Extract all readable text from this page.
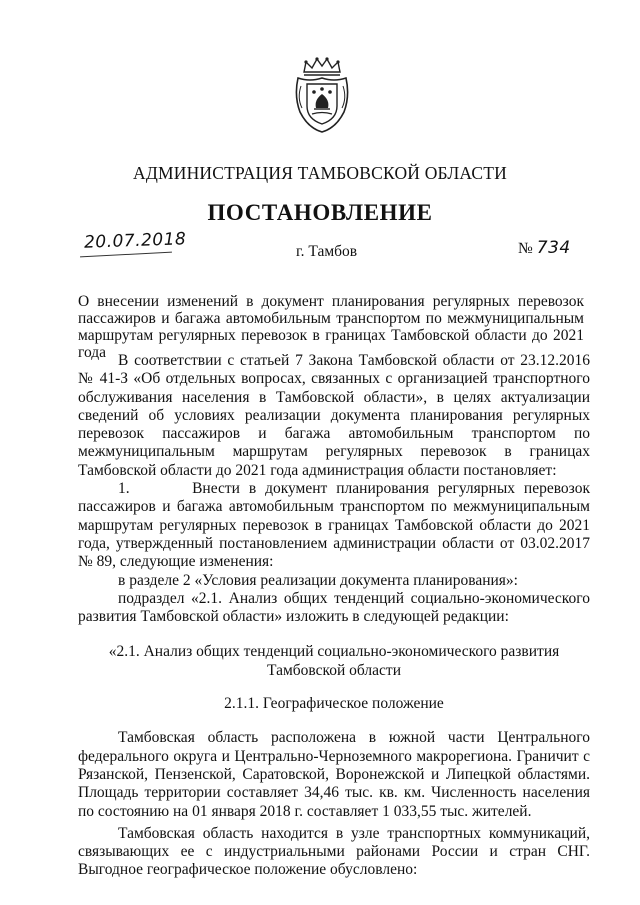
АДМИНИСТРАЦИЯ ТАМБОВСКОЙ ОБЛАСТИ
ПОСТАНОВЛЕНИЕ
20.07.2018	г. Тамбов	№ 734
О внесении изменений в документ планирования регулярных перевозок пассажиров и багажа автомобильным транспортом по межмуниципальным маршрутам регулярных перевозок в границах Тамбовской области до 2021 года В соответствии с статьей 7 Закона Тамбовской области от 23.12.2016 № 41-З «Об отдельных вопросах, связанных с организацией транспортного обслуживания населения в Тамбовской области», в целях актуализации сведений об условиях реализации документа планирования регулярных перевозок пассажиров и багажа автомобильным транспортом по межмуниципальным маршрутам регулярных перевозок в границах Тамбовской области до 2021 года администрация области постановляет:

1.	Внести в документ планирования регулярных перевозок пассажиров и багажа автомобильным транспортом по межмуниципальным маршрутам регулярных перевозок в границах Тамбовской области до 2021 года, утвержденный постановлением администрации области от 03.02.2017 № 89, следующие изменения:

в разделе 2 «Условия реализации документа планирования»:

подраздел «2.1. Анализ общих тенденций социально-экономического развития Тамбовской области» изложить в следующей редакции:

«2.1. Анализ общих тенденций социально-экономического развития

Тамбовской области

2.1.1. Географическое положение

Тамбовская область расположена в южной части Центрального федерального округа и Центрально-Черноземного макрорегиона. Граничит с Рязанской, Пензенской, Саратовской, Воронежской и Липецкой областями. Площадь территории составляет 34,46 тыс. кв. км. Численность населения по состоянию на 01 января 2018 г. составляет 1 033,55 тыс. жителей.

Тамбовская область находится в узле транспортных коммуникаций, связывающих ее с индустриальными районами России и стран СНГ. Выгодное географическое положение обусловлено:
